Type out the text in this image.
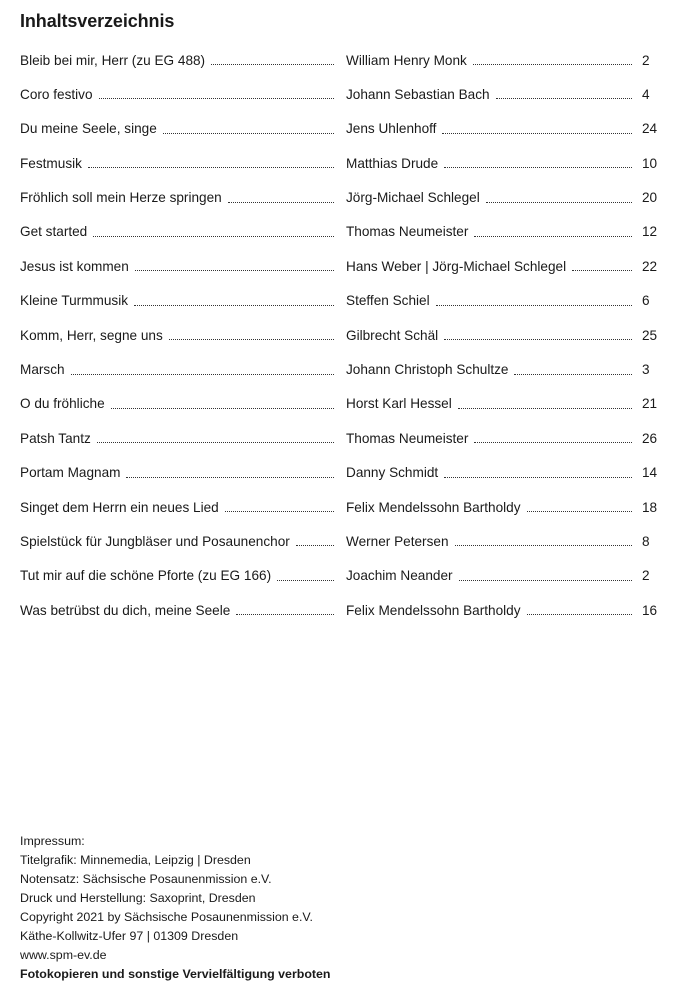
Inhaltsverzeichnis
Bleib bei mir, Herr (zu EG 488)	William Henry Monk	2
Coro festivo	Johann Sebastian Bach	4
Du meine Seele, singe	Jens Uhlenhoff	24
Festmusik	Matthias Drude	10
Fröhlich soll mein Herze springen	Jörg-Michael Schlegel	20
Get started	Thomas Neumeister	12
Jesus ist kommen	Hans Weber | Jörg-Michael Schlegel	22
Kleine Turmmusik	Steffen Schiel	6
Komm, Herr, segne uns	Gilbrecht Schäl	25
Marsch	Johann Christoph Schultze	3
O du fröhliche	Horst Karl Hessel	21
Patsh Tantz	Thomas Neumeister	26
Portam Magnam	Danny Schmidt	14
Singet dem Herrn ein neues Lied	Felix Mendelssohn Bartholdy	18
Spielstück für Jungbläser und Posaunenchor	Werner Petersen	8
Tut mir auf die schöne Pforte (zu EG 166)	Joachim Neander	2
Was betrübst du dich, meine Seele	Felix Mendelssohn Bartholdy	16
Impressum:
Titelgrafik: Minnemedia, Leipzig | Dresden
Notensatz: Sächsische Posaunenmission e.V.
Druck und Herstellung: Saxoprint, Dresden
Copyright 2021 by Sächsische Posaunenmission e.V.
Käthe-Kollwitz-Ufer 97 | 01309 Dresden
www.spm-ev.de
Fotokopieren und sonstige Vervielfältigung verboten
